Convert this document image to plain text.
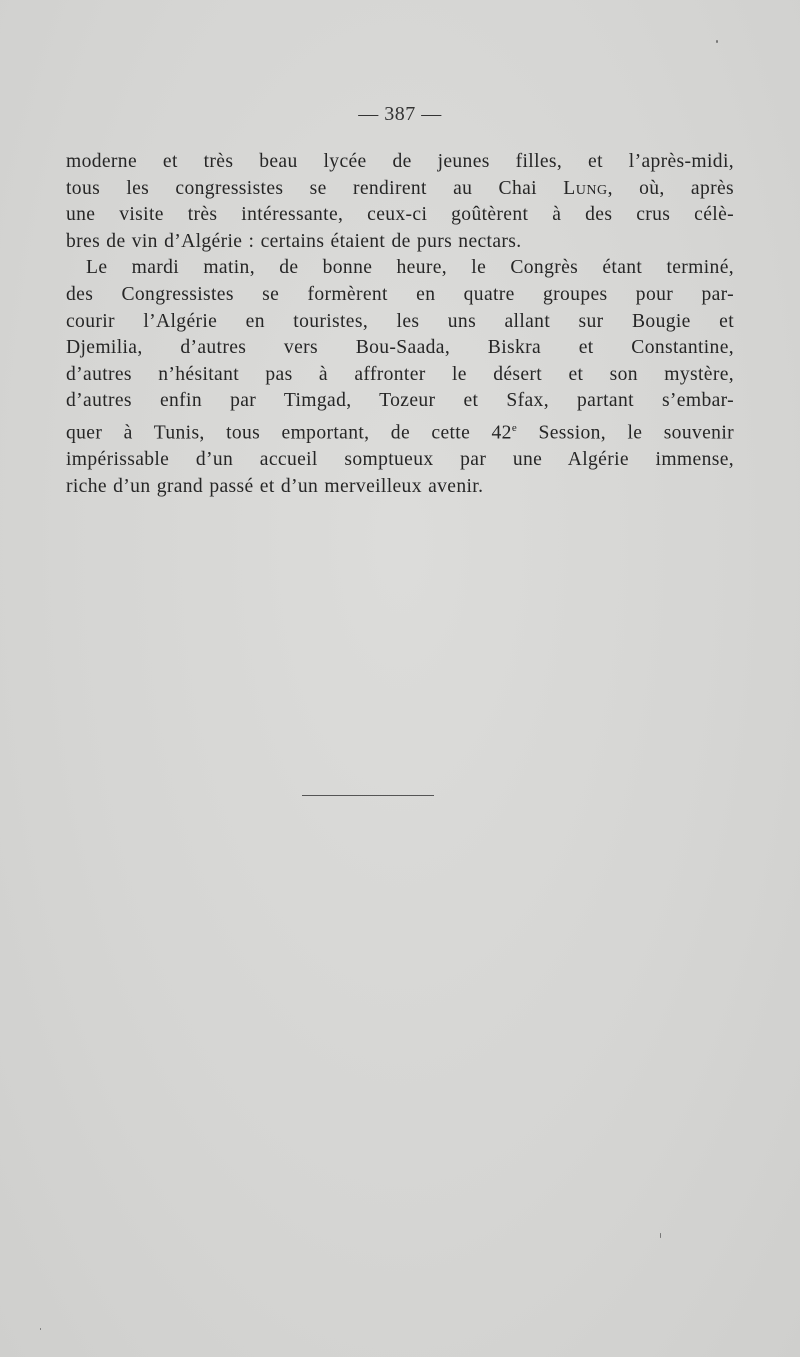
— 387 —
moderne et très beau lycée de jeunes filles, et l’après-midi,
tous les congressistes se rendirent au Chai Lung, où, après
une visite très intéressante, ceux-ci goûtèrent à des crus célè-
bres de vin d’Algérie : certains étaient de purs nectars.
Le mardi matin, de bonne heure, le Congrès étant terminé,
des Congressistes se formèrent en quatre groupes pour par-
courir l’Algérie en touristes, les uns allant sur Bougie et
Djemilia, d’autres vers Bou-Saada, Biskra et Constantine,
d’autres n’hésitant pas à affronter le désert et son mystère,
d’autres enfin par Timgad, Tozeur et Sfax, partant s’embar-
quer à Tunis, tous emportant, de cette 42e Session, le souvenir
impérissable d’un accueil somptueux par une Algérie immense,
riche d’un grand passé et d’un merveilleux avenir.
